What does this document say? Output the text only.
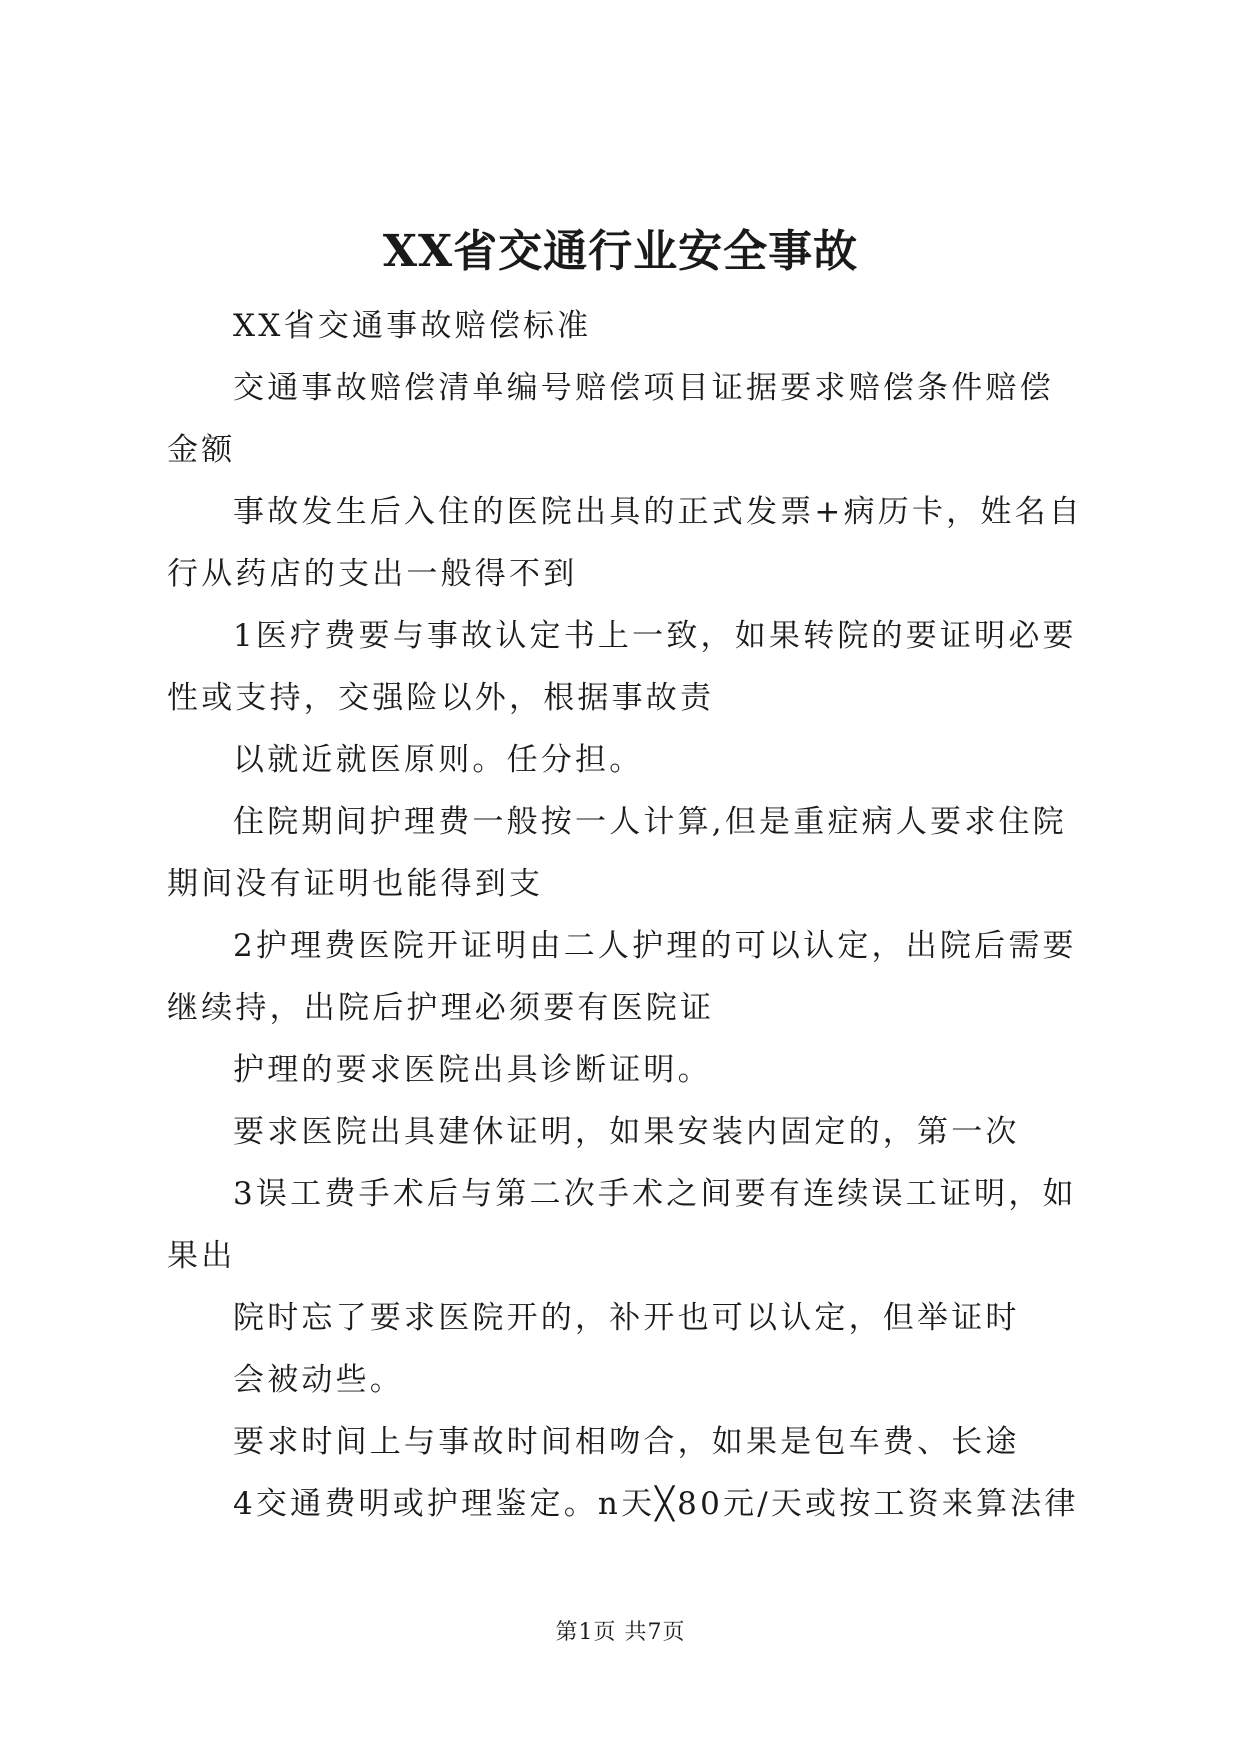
XX省交通行业安全事故

XX省交通事故赔偿标准

交通事故赔偿清单编号赔偿项目证据要求赔偿条件赔偿金额

事故发生后入住的医院出具的正式发票+病历卡，姓名自行从药店的支出一般得不到

1医疗费要与事故认定书上一致，如果转院的要证明必要性或支持，交强险以外，根据事故责

以就近就医原则。任分担。

住院期间护理费一般按一人计算,但是重症病人要求住院期间没有证明也能得到支

2护理费医院开证明由二人护理的可以认定，出院后需要继续持，出院后护理必须要有医院证

护理的要求医院出具诊断证明。

要求医院出具建休证明，如果安装内固定的，第一次

3误工费手术后与第二次手术之间要有连续误工证明，如果出

院时忘了要求医院开的，补开也可以认定，但举证时

会被动些。

要求时间上与事故时间相吻合，如果是包车费、长途

4交通费明或护理鉴定。n天╳80元/天或按工资来算法律

第1页 共7页
